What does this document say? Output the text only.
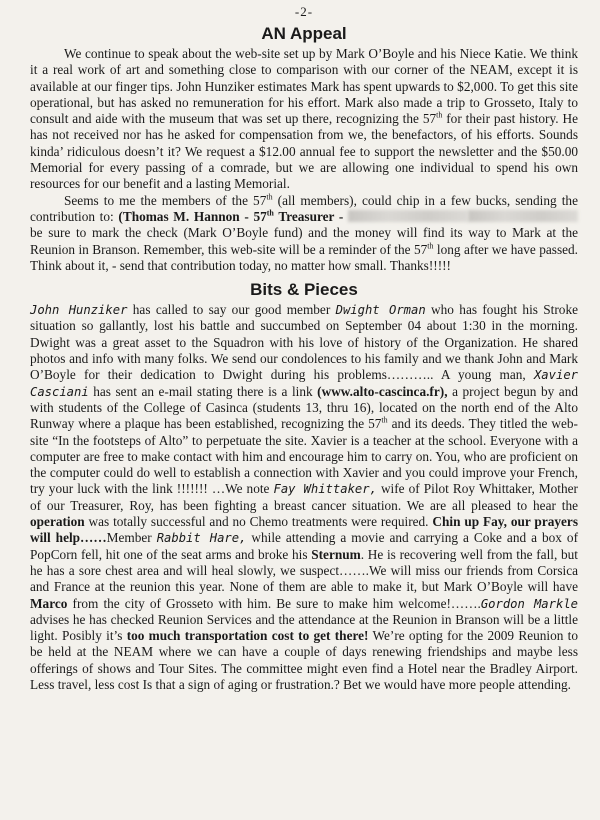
-2-
AN Appeal

We continue to speak about the web-site set up by Mark O’Boyle and his Niece Katie. We think it a real work of art and something close to comparison with our corner of the NEAM, except it is available at our finger tips. John Hunziker estimates Mark has spent upwards to $2,000. To get this site operational, but has asked no remuneration for his effort. Mark also made a trip to Grosseto, Italy to consult and aide with the museum that was set up there, recognizing the 57th for their past history. He has not received nor has he asked for compensation from we, the benefactors, of his efforts. Sounds kinda’ ridiculous doesn’t it? We request a $12.00 annual fee to support the newsletter and the $50.00 Memorial for every passing of a comrade, but we are allowing one individual to spend his own resources for our benefit and a lasting Memorial.

Seems to me the members of the 57th (all members), could chip in a few bucks, sending the contribution to: (Thomas M. Hannon - 57th Treasurer -  be sure to mark the check (Mark O’Boyle fund) and the money will find its way to Mark at the Reunion in Branson. Remember, this web-site will be a reminder of the 57th long after we have passed. Think about it, - send that contribution today, no matter how small. Thanks!!!!!

Bits & Pieces

John Hunziker has called to say our good member Dwight Orman who has fought his Stroke situation so gallantly, lost his battle and succumbed on September 04 about 1:30 in the morning. Dwight was a great asset to the Squadron with his love of history of the Organization. He shared photos and info with many folks. We send our condolences to his family and we thank John and Mark O’Boyle for their dedication to Dwight during his problems……….. A young man, Xavier Casciani has sent an e-mail stating there is a link (www.alto-cascinca.fr), a project begun by and with students of the College of Casinca (students 13, thru 16), located on the north end of the Alto Runway where a plaque has been established, recognizing the 57th and its deeds. They titled the web-site “In the footsteps of Alto” to perpetuate the site. Xavier is a teacher at the school. Everyone with a computer are free to make contact with him and encourage him to carry on. You, who are proficient on the computer could do well to establish a connection with Xavier and you could improve your French, try your luck with the link !!!!!!! …We note Fay Whittaker, wife of Pilot Roy Whittaker, Mother of our Treasurer, Roy, has been fighting a breast cancer situation. We are all pleased to hear the operation was totally successful and no Chemo treatments were required. Chin up Fay, our prayers will help……Member Rabbit Hare, while attending a movie and carrying a Coke and a box of PopCorn fell, hit one of the seat arms and broke his Sternum. He is recovering well from the fall, but he has a sore chest area and will heal slowly, we suspect…….We will miss our friends from Corsica and France at the reunion this year. None of them are able to make it, but Mark O’Boyle will have Marco from the city of Grosseto with him. Be sure to make him welcome!…….Gordon Markle advises he has checked Reunion Services and the attendance at the Reunion in Branson will be a little light. Posibly it’s too much transportation cost to get there! We’re opting for the 2009 Reunion to be held at the NEAM where we can have a couple of days renewing friendships and maybe less offerings of shows and Tour Sites. The committee might even find a Hotel near the Bradley Airport. Less travel, less cost Is that a sign of aging or frustration.? Bet we would have more people attending.
